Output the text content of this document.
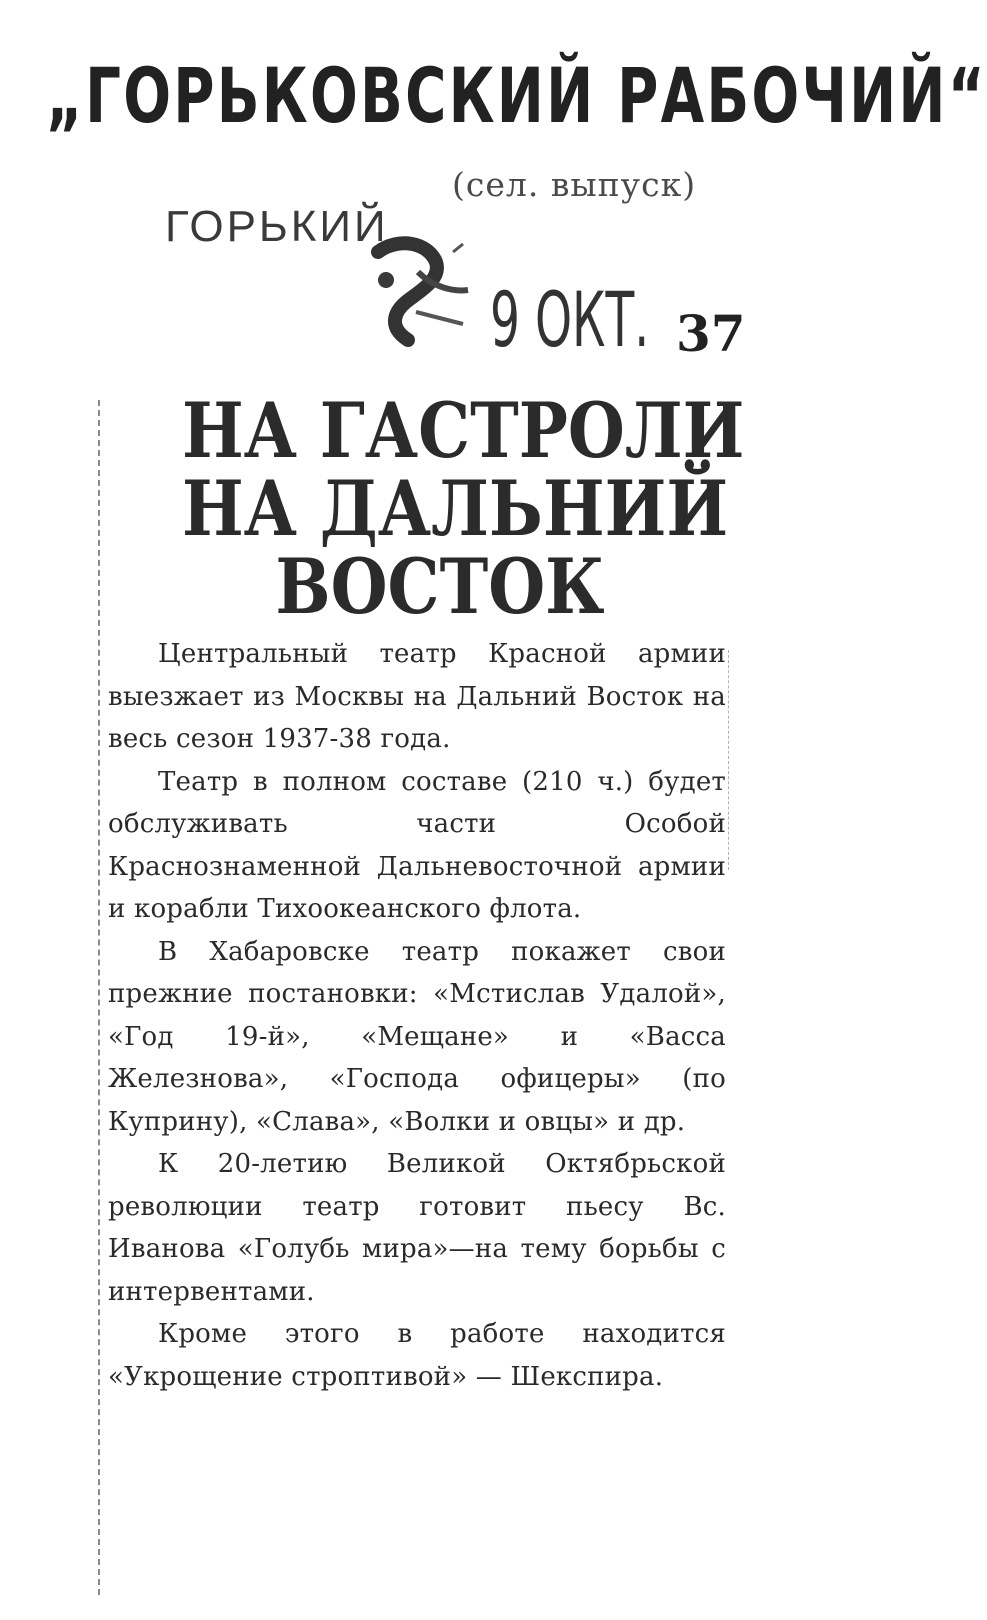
„ГОРЬКОВСКИЙ РАБОЧИЙ“
(сел. выпуск)
ГОРЬКИЙ
9 ОКТ. 37
НА ГАСТРОЛИ
НА ДАЛЬНИЙ
ВОСТОК

Центральный театр Красной армии выезжает из Москвы на Дальний Восток на весь сезон 1937-38 года.

Театр в полном составе (210 ч.) будет обслуживать части Особой Краснознаменной Дальневосточной армии и корабли Тихоокеанского флота.

В Хабаровске театр покажет свои прежние постановки: «Мстислав Удалой», «Год 19-й», «Мещане» и «Васса Железнова», «Господа офицеры» (по Куприну), «Слава», «Волки и овцы» и др.

К 20-летию Великой Октябрьской революции театр готовит пьесу Вс. Иванова «Голубь мира»—на тему борьбы с интервентами.

Кроме этого в работе находится «Укрощение строптивой» — Шекспира.
